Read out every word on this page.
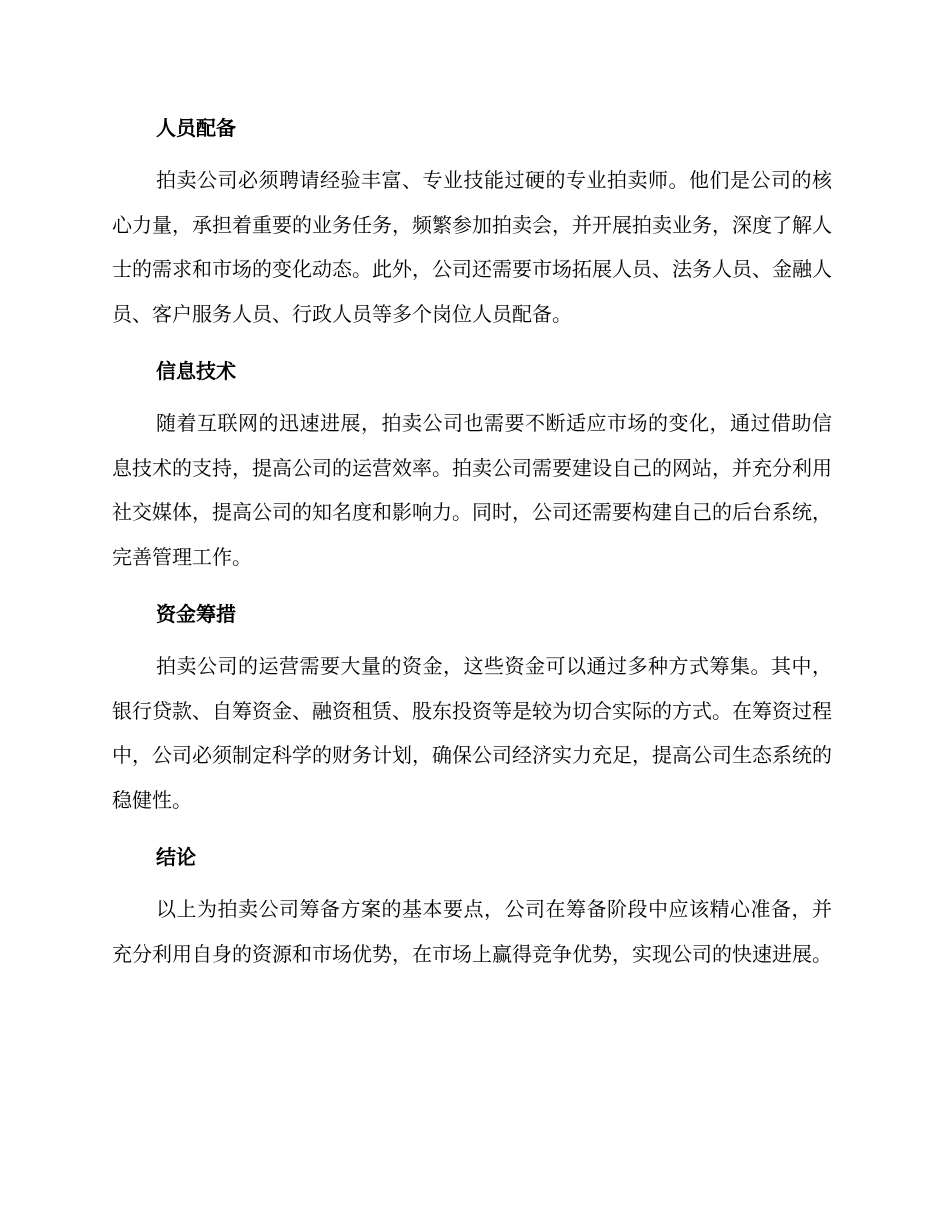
人员配备

拍卖公司必须聘请经验丰富、专业技能过硬的专业拍卖师。他们是公司的核心力量，承担着重要的业务任务，频繁参加拍卖会，并开展拍卖业务，深度了解人士的需求和市场的变化动态。此外，公司还需要市场拓展人员、法务人员、金融人员、客户服务人员、行政人员等多个岗位人员配备。

信息技术

随着互联网的迅速进展，拍卖公司也需要不断适应市场的变化，通过借助信息技术的支持，提高公司的运营效率。拍卖公司需要建设自己的网站，并充分利用社交媒体，提高公司的知名度和影响力。同时，公司还需要构建自己的后台系统，完善管理工作。

资金筹措

拍卖公司的运营需要大量的资金，这些资金可以通过多种方式筹集。其中，银行贷款、自筹资金、融资租赁、股东投资等是较为切合实际的方式。在筹资过程中，公司必须制定科学的财务计划，确保公司经济实力充足，提高公司生态系统的稳健性。

结论

以上为拍卖公司筹备方案的基本要点，公司在筹备阶段中应该精心准备，并充分利用自身的资源和市场优势，在市场上赢得竞争优势，实现公司的快速进展。
